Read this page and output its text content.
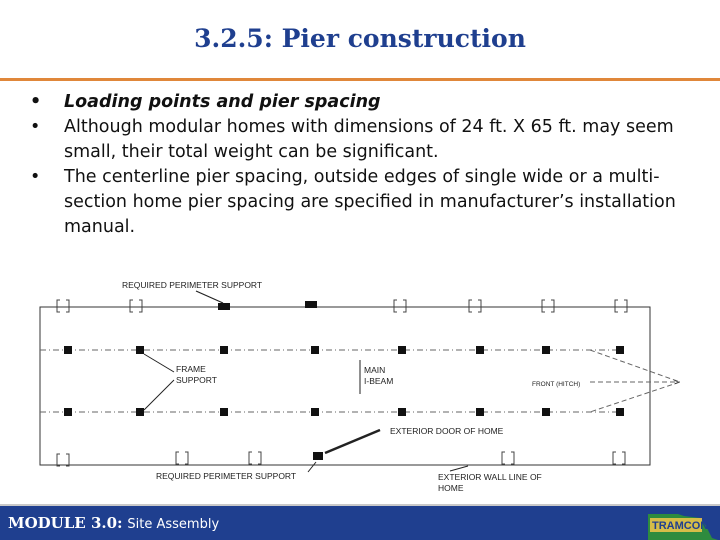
3.2.5: Pier construction
• Loading points and pier spacing
• Although modular homes with dimensions of 24 ft. X 65 ft. may seem small, their total weight can be significant.
• The centerline pier spacing, outside edges of single wide or a multi-section home pier spacing are specified in manufacturer’s installation manual.
>
REQUIRED PERIMETER SUPPORT
FRAME
SUPPORT
MAIN
I-BEAM	FRONT (HITCH)
EXTERIOR DOOR OF HOME
REQUIRED PERIMETER SUPPORT	EXTERIOR WALL LINE OF
HOME
MODULE 3.0: Site Assembly	TRAMCON
